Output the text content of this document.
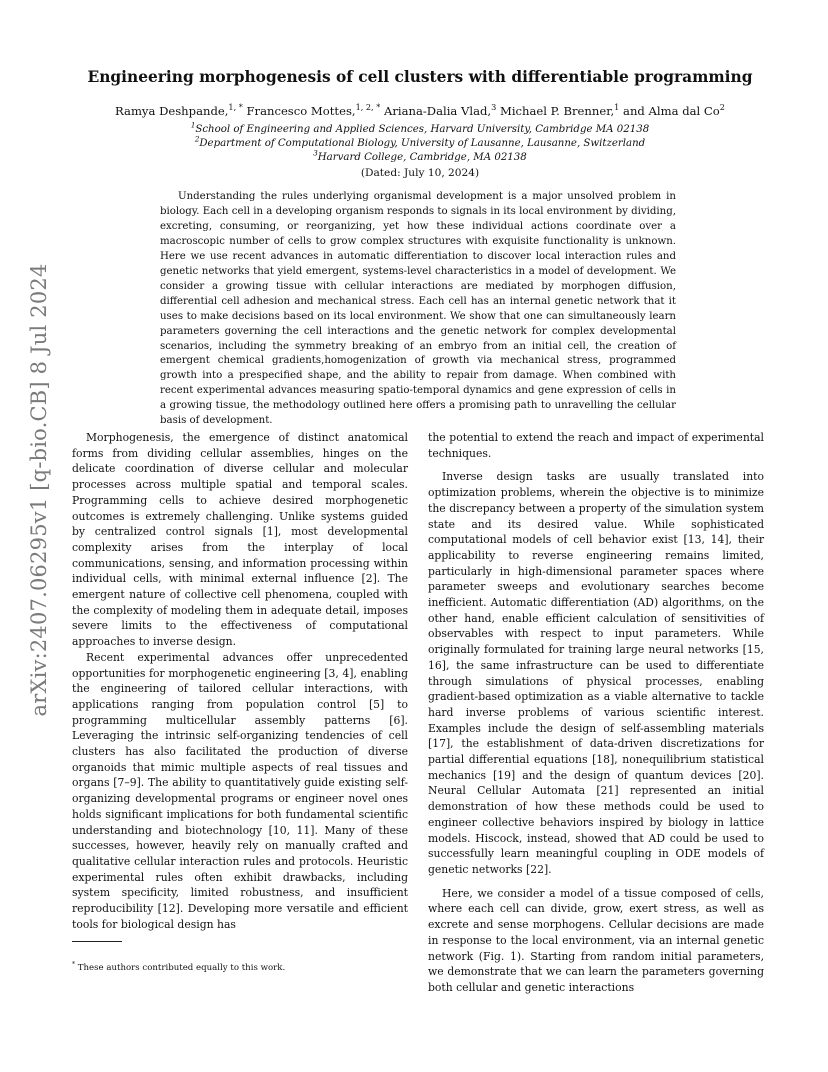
arXiv:2407.06295v1 [q-bio.CB] 8 Jul 2024
Engineering morphogenesis of cell clusters with differentiable programming
Ramya Deshpande,$^{1, *}$ Francesco Mottes,$^{1, 2, *}$ Ariana-Dalia Vlad,$^3$ Michael P. Brenner,$^1$ and Alma dal Co$^2$
$^1$School of Engineering and Applied Sciences, Harvard University, Cambridge MA 02138
$^2$Department of Computational Biology, University of Lausanne, Lausanne, Switzerland
$^3$Harvard College, Cambridge, MA 02138
(Dated: July 10, 2024)
Understanding the rules underlying organismal development is a major unsolved problem in biology. Each cell in a developing organism responds to signals in its local environment by dividing, excreting, consuming, or reorganizing, yet how these individual actions coordinate over a macroscopic number of cells to grow complex structures with exquisite functionality is unknown. Here we use recent advances in automatic differentiation to discover local interaction rules and genetic networks that yield emergent, systems-level characteristics in a model of development. We consider a growing tissue with cellular interactions are mediated by morphogen diffusion, differential cell adhesion and mechanical stress. Each cell has an internal genetic network that it uses to make decisions based on its local environment. We show that one can simultaneously learn parameters governing the cell interactions and the genetic network for complex developmental scenarios, including the symmetry breaking of an embryo from an initial cell, the creation of emergent chemical gradients,homogenization of growth via mechanical stress, programmed growth into a prespecified shape, and the ability to repair from damage. When combined with recent experimental advances measuring spatio-temporal dynamics and gene expression of cells in a growing tissue, the methodology outlined here offers a promising path to unravelling the cellular basis of development.

Morphogenesis, the emergence of distinct anatomical forms from dividing cellular assemblies, hinges on the delicate coordination of diverse cellular and molecular processes across multiple spatial and temporal scales. Programming cells to achieve desired morphogenetic outcomes is extremely challenging. Unlike systems guided by centralized control signals [1], most developmental complexity arises from the interplay of local communications, sensing, and information processing within individual cells, with minimal external influence [2]. The emergent nature of collective cell phenomena, coupled with the complexity of modeling them in adequate detail, imposes severe limits to the effectiveness of computational approaches to inverse design.

Recent experimental advances offer unprecedented opportunities for morphogenetic engineering [3, 4], enabling the engineering of tailored cellular interactions, with applications ranging from population control [5] to programming multicellular assembly patterns [6]. Leveraging the intrinsic self-organizing tendencies of cell clusters has also facilitated the production of diverse organoids that mimic multiple aspects of real tissues and organs [7–9]. The ability to quantitatively guide existing self-organizing developmental programs or engineer novel ones holds significant implications for both fundamental scientific understanding and biotechnology [10, 11]. Many of these successes, however, heavily rely on manually crafted and qualitative cellular interaction rules and protocols. Heuristic experimental rules often exhibit drawbacks, including system specificity, limited robustness, and insufficient reproducibility [12]. Developing more versatile and efficient tools for biological design has

the potential to extend the reach and impact of experimental techniques.

Inverse design tasks are usually translated into optimization problems, wherein the objective is to minimize the discrepancy between a property of the simulation system state and its desired value. While sophisticated computational models of cell behavior exist [13, 14], their applicability to reverse engineering remains limited, particularly in high-dimensional parameter spaces where parameter sweeps and evolutionary searches become inefficient. Automatic differentiation (AD) algorithms, on the other hand, enable efficient calculation of sensitivities of observables with respect to input parameters. While originally formulated for training large neural networks [15, 16], the same infrastructure can be used to differentiate through simulations of physical processes, enabling gradient-based optimization as a viable alternative to tackle hard inverse problems of various scientific interest. Examples include the design of self-assembling materials [17], the establishment of data-driven discretizations for partial differential equations [18], nonequilibrium statistical mechanics [19] and the design of quantum devices [20]. Neural Cellular Automata [21] represented an initial demonstration of how these methods could be used to engineer collective behaviors inspired by biology in lattice models. Hiscock, instead, showed that AD could be used to successfully learn meaningful coupling in ODE models of genetic networks [22].

Here, we consider a model of a tissue composed of cells, where each cell can divide, grow, exert stress, as well as excrete and sense morphogens. Cellular decisions are made in response to the local environment, via an internal genetic network (Fig. 1). Starting from random initial parameters, we demonstrate that we can learn the parameters governing both cellular and genetic interactions

* These authors contributed equally to this work.
